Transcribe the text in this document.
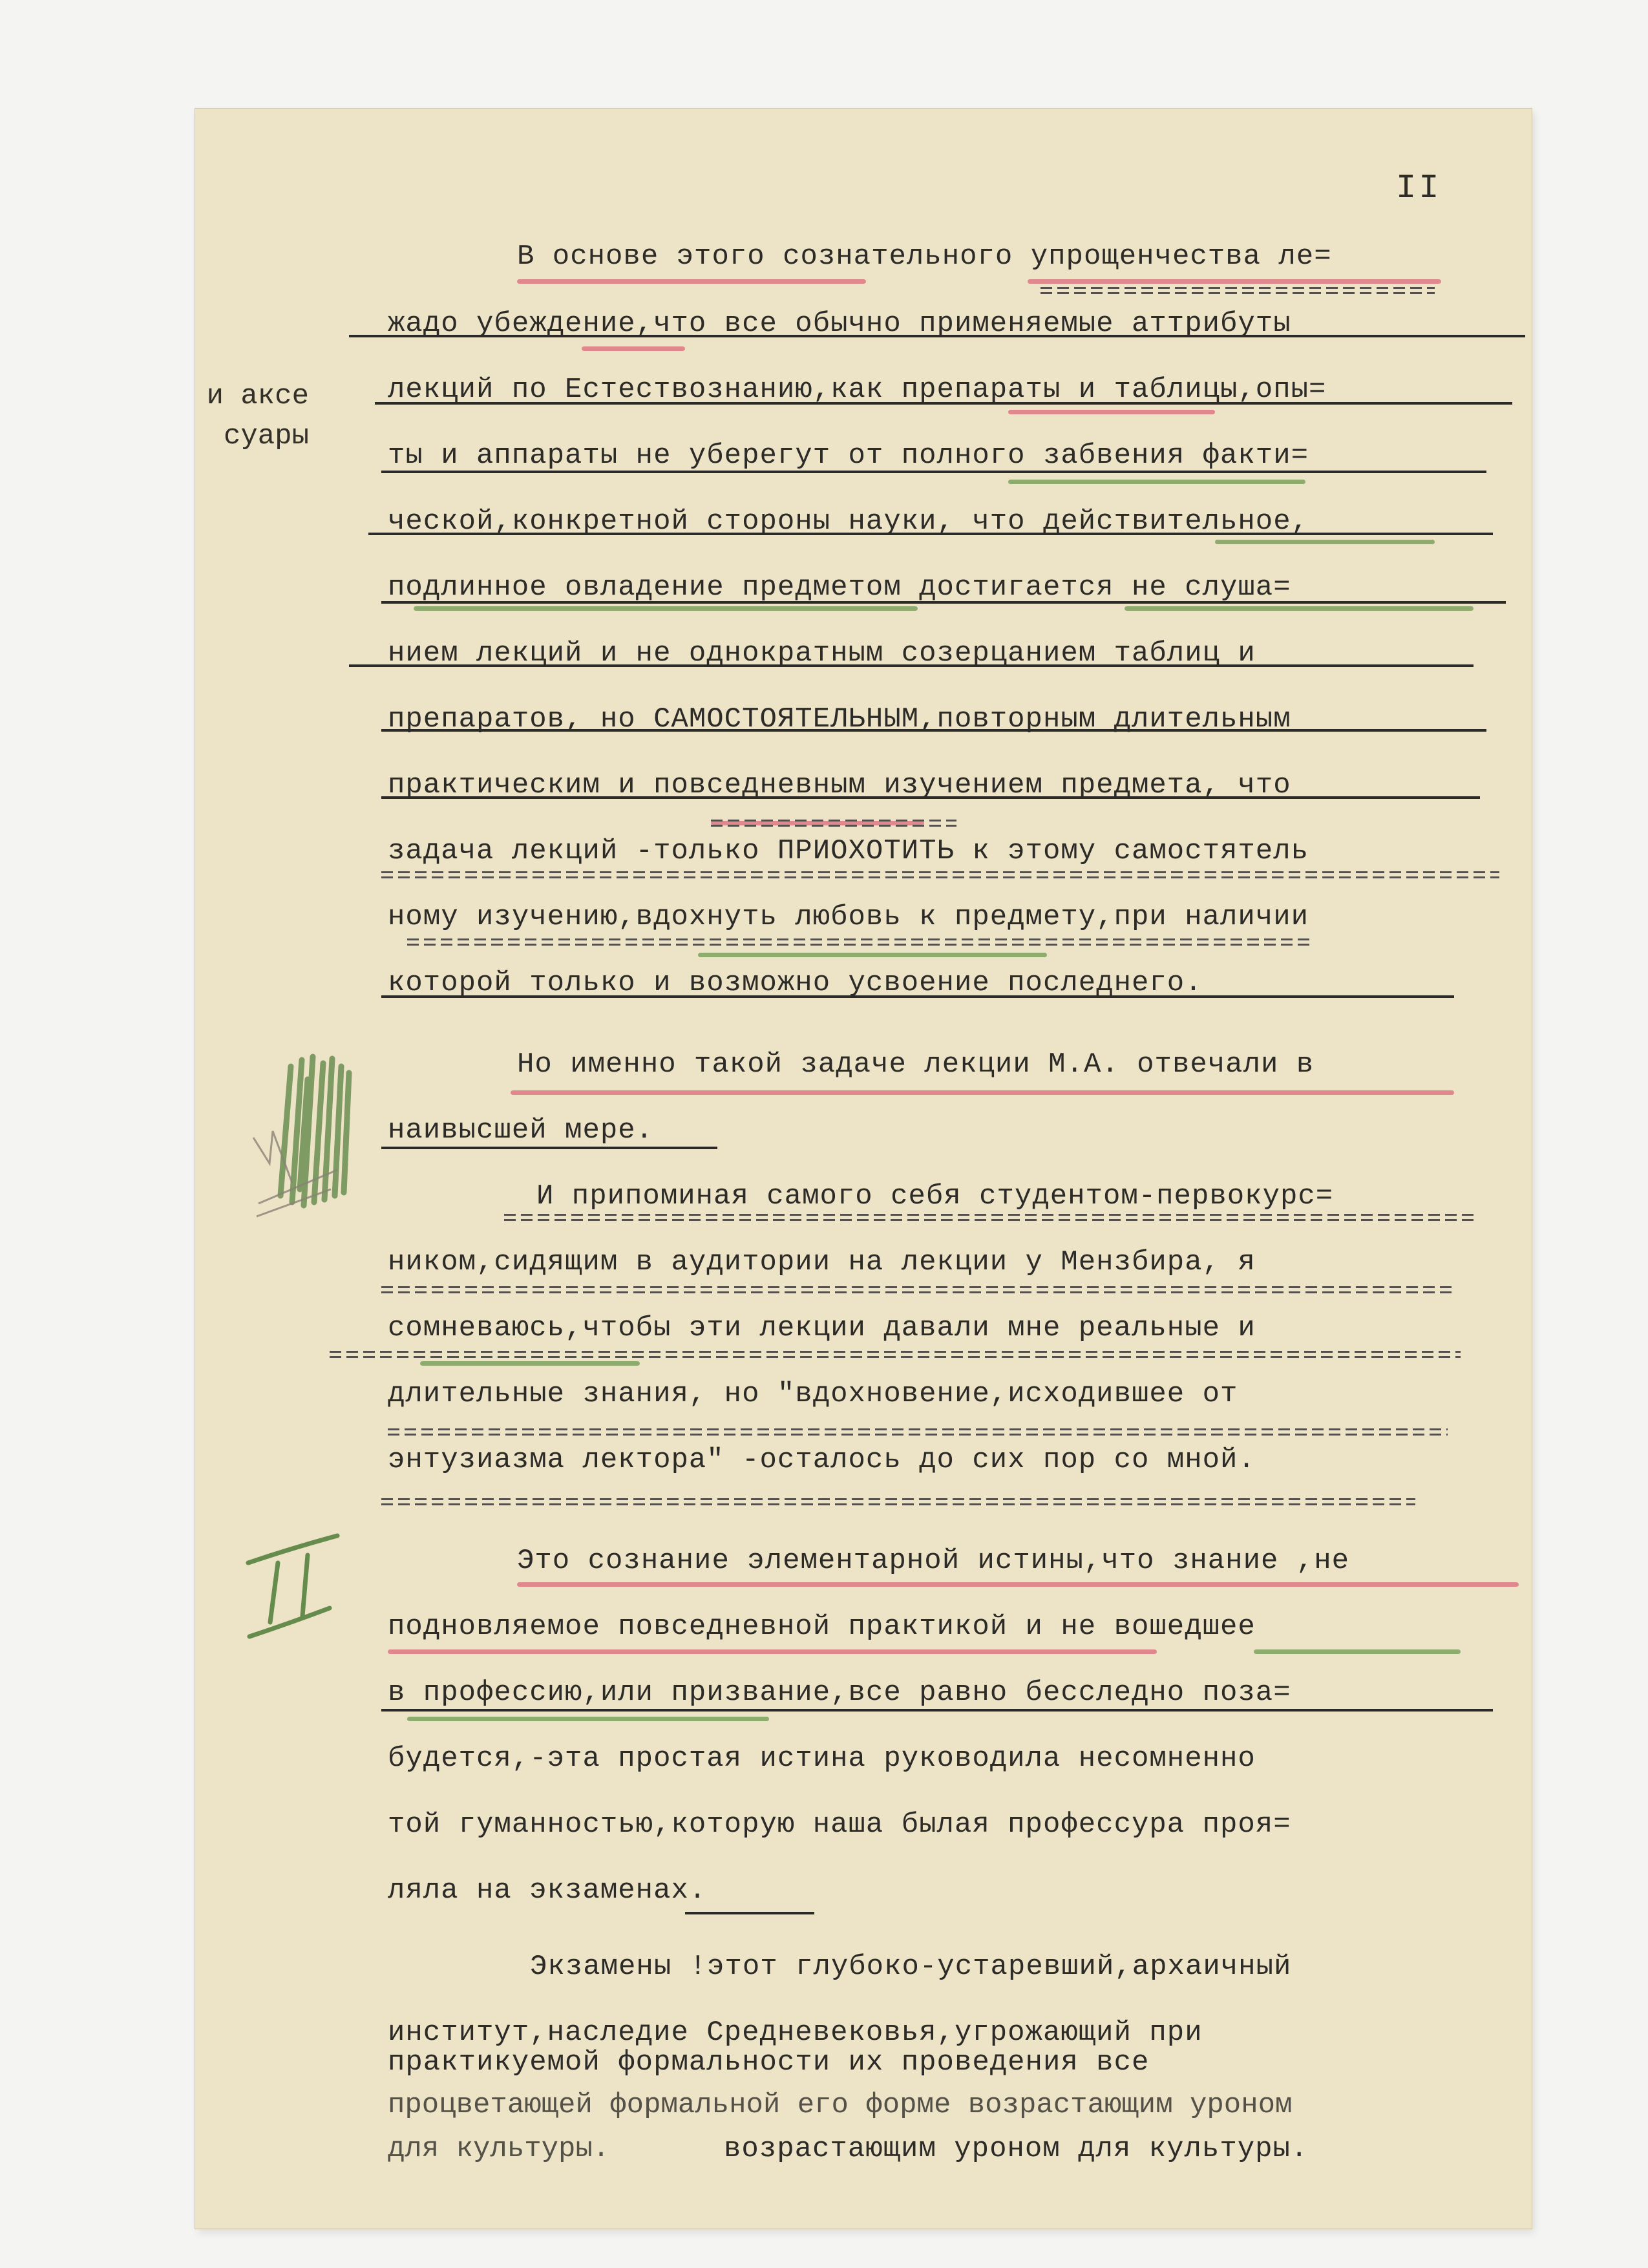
II
и аксе
суары
В основе этого сознательного упрощенчества ле=
жадо убеждение,что все обычно применяемые аттрибуты
лекций по Естествознанию,как препараты и таблицы,опы=
ты и аппараты не уберегут от полного забвения факти=
ческой,конкретной стороны науки, что действительное,
подлинное овладение предметом достигается не слуша=
нием лекций и не однократным созерцанием таблиц и
препаратов, но САМОСТОЯТЕЛЬНЫМ,повторным длительным
практическим и повседневным изучением предмета, что
задача лекций -только ПРИОХОТИТЬ к этому самостятель
ному изучению,вдохнуть любовь к предмету,при наличии
которой только и возможно усвоение последнего.
Но именно такой задаче лекции М.А. отвечали в
наивысшей мере.
И припоминая самого себя студентом-первокурс=
ником,сидящим в аудитории на лекции у Мензбира, я
сомневаюсь,чтобы эти лекции давали мне реальные и
длительные знания, но "вдохновение,исходившее от
энтузиазма лектора" -осталось до сих пор со мной.
Это сознание элементарной истины,что знание ,не
подновляемое повседневной практикой и не вошедшее
в профессию,или призвание,все равно бесследно поза=
будется,-эта простая истина руководила несомненно
той гуманностью,которую наша былая профессура проя=
ляла на экзаменах.
Экзамены !этот глубоко-устаревший,архаичный
институт,наследие Средневековья,угрожающий при
практикуемой формальности их проведения все
процветающей формальной его форме возрастающим уроном
возрастающим уроном для культуры.
для культуры.
